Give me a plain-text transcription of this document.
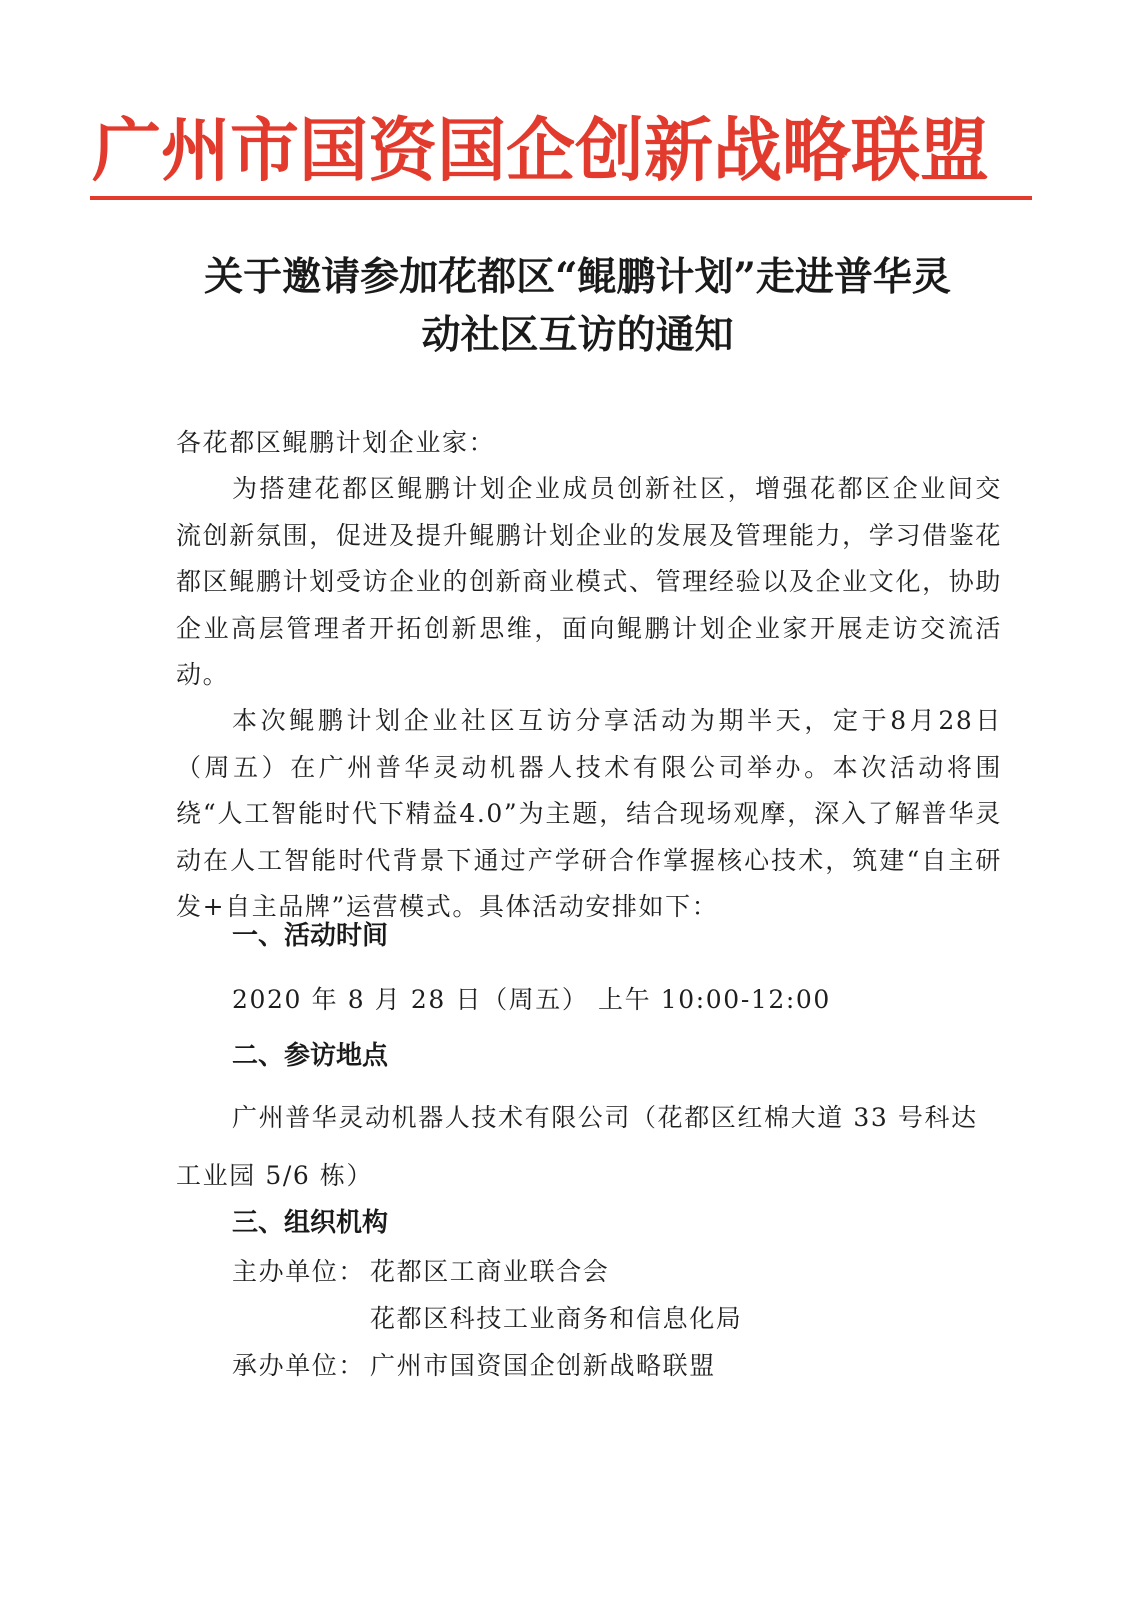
广州市国资国企创新战略联盟
关于邀请参加花都区“鲲鹏计划”走进普华灵
动社区互访的通知

各花都区鲲鹏计划企业家：

为搭建花都区鲲鹏计划企业成员创新社区，增强花都区企业间交流创新氛围，促进及提升鲲鹏计划企业的发展及管理能力，学习借鉴花都区鲲鹏计划受访企业的创新商业模式、管理经验以及企业文化，协助企业高层管理者开拓创新思维，面向鲲鹏计划企业家开展走访交流活动。

本次鲲鹏计划企业社区互访分享活动为期半天，定于8月28日（周五）在广州普华灵动机器人技术有限公司举办。本次活动将围绕“人工智能时代下精益4.0”为主题，结合现场观摩，深入了解普华灵动在人工智能时代背景下通过产学研合作掌握核心技术，筑建“自主研发+自主品牌”运营模式。具体活动安排如下：

一、活动时间

2020 年 8 月 28 日（周五） 上午 10:00-12:00

二、参访地点

广州普华灵动机器人技术有限公司（花都区红棉大道 33 号科达工业园 5/6 栋）

三、组织机构

主办单位： 花都区工商业联合会

花都区科技工业商务和信息化局

承办单位： 广州市国资国企创新战略联盟
